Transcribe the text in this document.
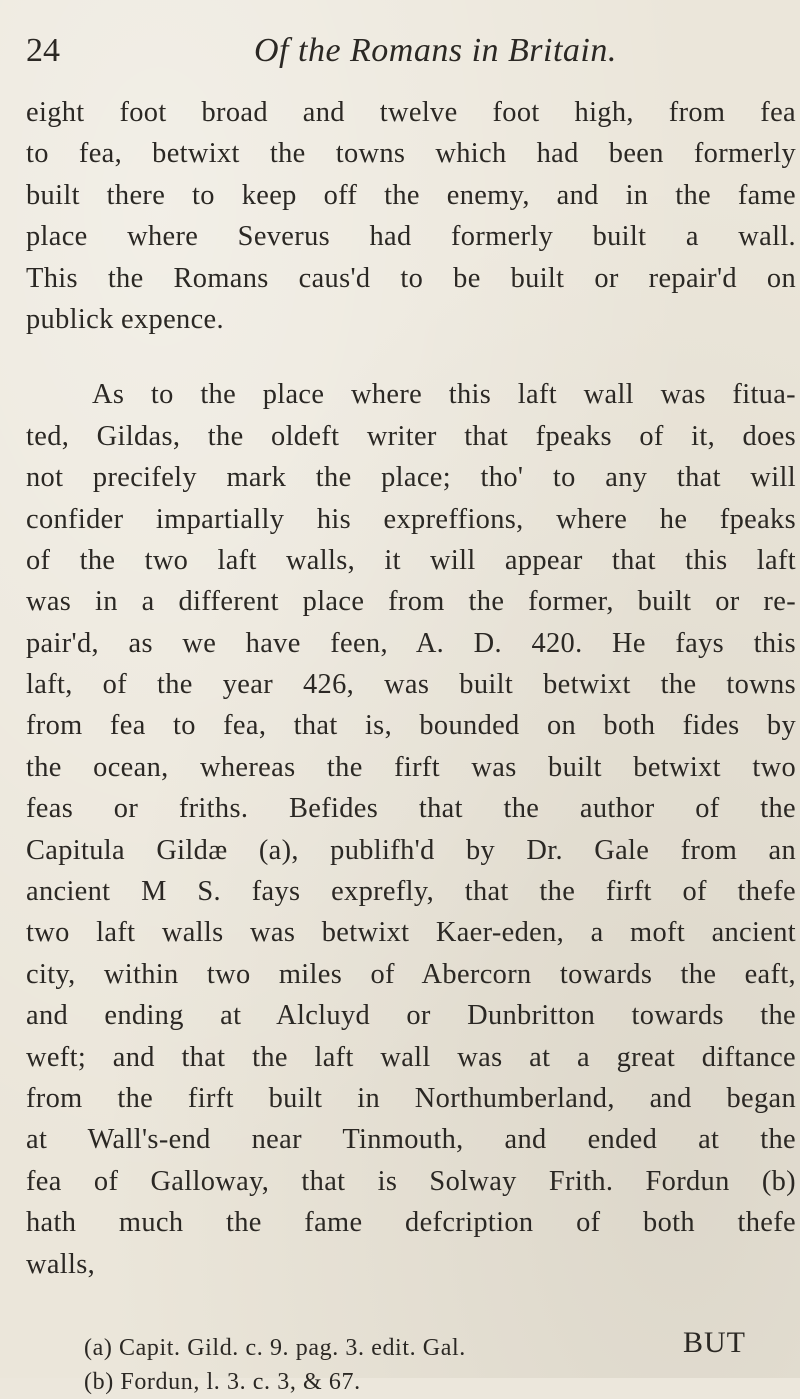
24	Of the Romans in Britain.
eight foot broad and twelve foot high, from fea
to fea, betwixt the towns which had been formerly
built there to keep off the enemy, and in the fame
place where Severus had formerly built a wall.
This the Romans caus'd to be built or repair'd on
publick expence.
As to the place where this laft wall was fitua-
ted, Gildas, the oldeft writer that fpeaks of it, does
not precifely mark the place; tho' to any that will
confider impartially his expreffions, where he fpeaks
of the two laft walls, it will appear that this laft
was in a different place from the former, built or re-
pair'd, as we have feen, A. D. 420. He fays this
laft, of the year 426, was built betwixt the towns
from fea to fea, that is, bounded on both fides by
the ocean, whereas the firft was built betwixt two
feas or friths. Befides that the author of the
Capitula Gildæ (a), publifh'd by Dr. Gale from an
ancient M S. fays exprefly, that the firft of thefe
two laft walls was betwixt Kaer-eden, a moft ancient
city, within two miles of Abercorn towards the eaft,
and ending at Alcluyd or Dunbritton towards the
weft; and that the laft wall was at a great diftance
from the firft built in Northumberland, and began
at Wall's-end near Tinmouth, and ended at the
fea of Galloway, that is Solway Frith. Fordun (b)
hath much the fame defcription of both thefe
walls,
(a) Capit. Gild. c. 9. pag. 3. edit. Gal.
(b) Fordun, l. 3. c. 3, & 67.
BUT
